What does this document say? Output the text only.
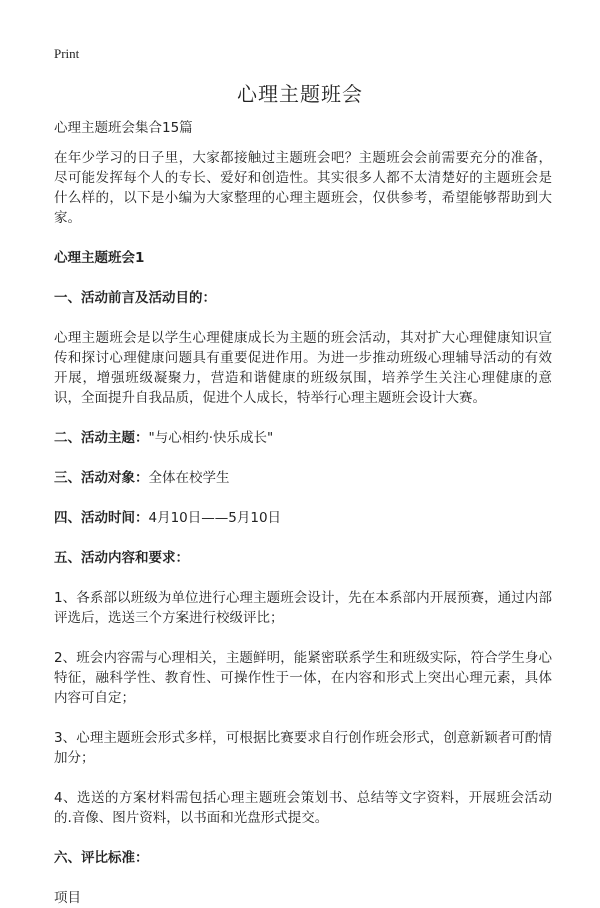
Print
心理主题班会

心理主题班会集合15篇

在年少学习的日子里，大家都接触过主题班会吧？主题班会会前需要充分的准备，尽可能发挥每个人的专长、爱好和创造性。其实很多人都不太清楚好的主题班会是什么样的，以下是小编为大家整理的心理主题班会，仅供参考，希望能够帮助到大家。

心理主题班会1

一、活动前言及活动目的：

心理主题班会是以学生心理健康成长为主题的班会活动，其对扩大心理健康知识宣传和探讨心理健康问题具有重要促进作用。为进一步推动班级心理辅导活动的有效开展，增强班级凝聚力，营造和谐健康的班级氛围，培养学生关注心理健康的意识，全面提升自我品质，促进个人成长，特举行心理主题班会设计大赛。

二、活动主题："与心相约·快乐成长"

三、活动对象：全体在校学生

四、活动时间：4月10日——5月10日

五、活动内容和要求：

1、各系部以班级为单位进行心理主题班会设计，先在本系部内开展预赛，通过内部评选后，选送三个方案进行校级评比；

2、班会内容需与心理相关，主题鲜明，能紧密联系学生和班级实际，符合学生身心特征，融科学性、教育性、可操作性于一体，在内容和形式上突出心理元素，具体内容可自定；

3、心理主题班会形式多样，可根据比赛要求自行创作班会形式，创意新颖者可酌情加分；

4、选送的方案材料需包括心理主题班会策划书、总结等文字资料，开展班会活动的.音像、图片资料，以书面和光盘形式提交。

六、评比标准：

项目
